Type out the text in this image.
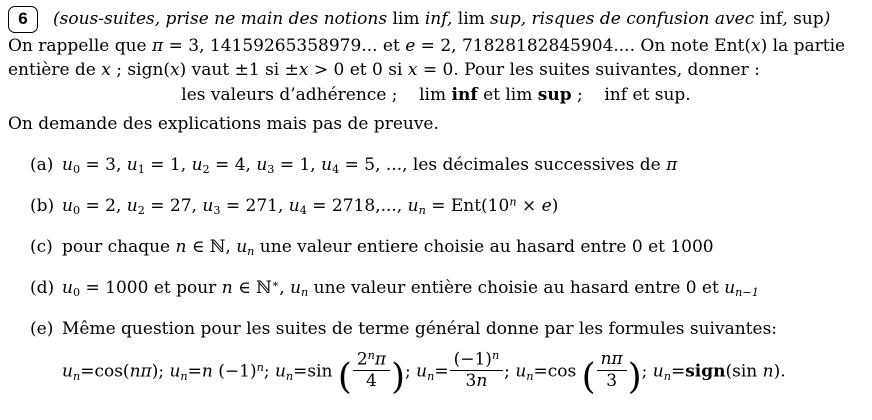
6 (sous-suites, prise ne main des notions lim inf, lim sup, risques de confusion avec inf, sup)
On rappelle que π = 3, 14159265358979... et e = 2, 71828182845904.... On note Ent(x) la partie
entière de x ; sign(x) vaut ±1 si ±x > 0 et 0 si x = 0. Pour les suites suivantes, donner :
les valeurs d’adhérence ;    lim inf et lim sup ;    inf et sup.
On demande des explications mais pas de preuve.
(a) $u_0 = 3$, $u_1 = 1$, $u_2 = 4$, $u_3 = 1$, $u_4 = 5$, ..., les décimales successives de π
(b) $u_0 = 2$, $u_2 = 27$, $u_3 = 271$, $u_4 = 2718$,..., $u_n = Ent(10^n \times e)$
(c) pour chaque n ∈ ℕ, $u_n$ une valeur entiere choisie au hasard entre 0 et 1000
(d) $u_0 = 1000$ et pour n ∈ ℕ∗, $u_n$ une valeur entière choisie au hasard entre 0 et $u_{n-1}$
(e) Même question pour les suites de terme général donne par les formules suivantes:
$u_n=\cos(n\pi)$; $u_n=n$ $(-1)^n$; $u_n=\sin$ ( $\frac{2^n\pi}{4}$ ); $u_n= \frac{(-1)^n}{3n}$ ; $u_n=\cos$ ( $\frac{n\pi}{3}$ ); $u_n=sign(\sin$ n).
